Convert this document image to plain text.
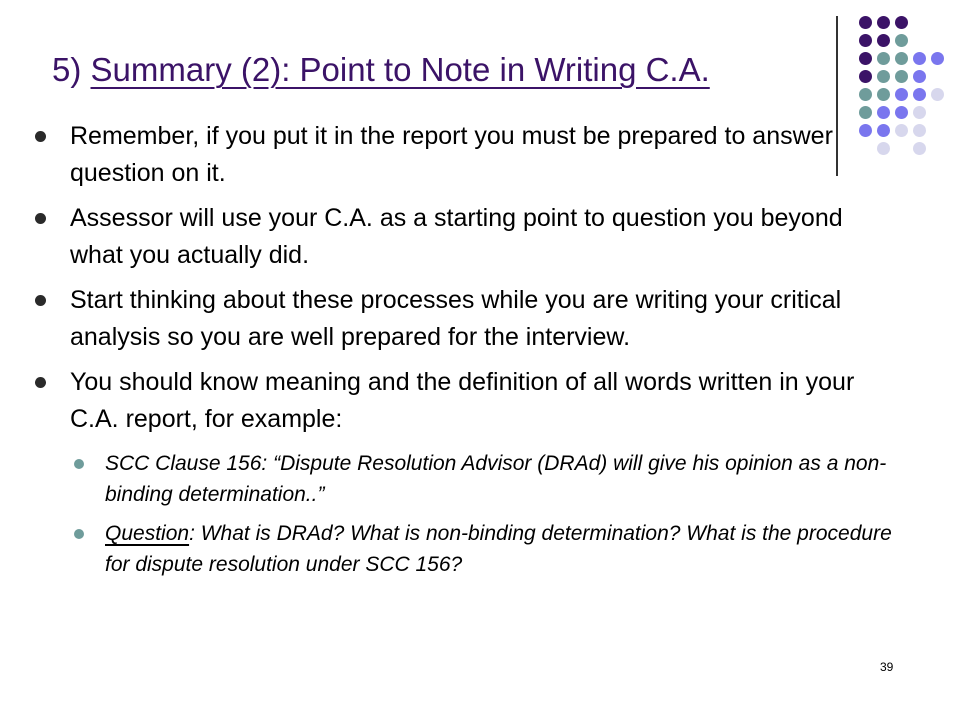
5) Summary (2): Point to Note in Writing C.A.
Remember, if you put it in the report you must be prepared to answer question on it.
Assessor will use your C.A. as a starting point to question you beyond what you actually did.
Start thinking about these processes while you are writing your critical analysis so you are well prepared for the interview.
You should know meaning and the definition of all words written in your C.A. report, for example:
SCC Clause 156: “Dispute Resolution Advisor (DRAd) will give his opinion as a non-binding determination..”
Question: What is DRAd? What is non-binding determination? What is the procedure for dispute resolution under SCC 156?
39
